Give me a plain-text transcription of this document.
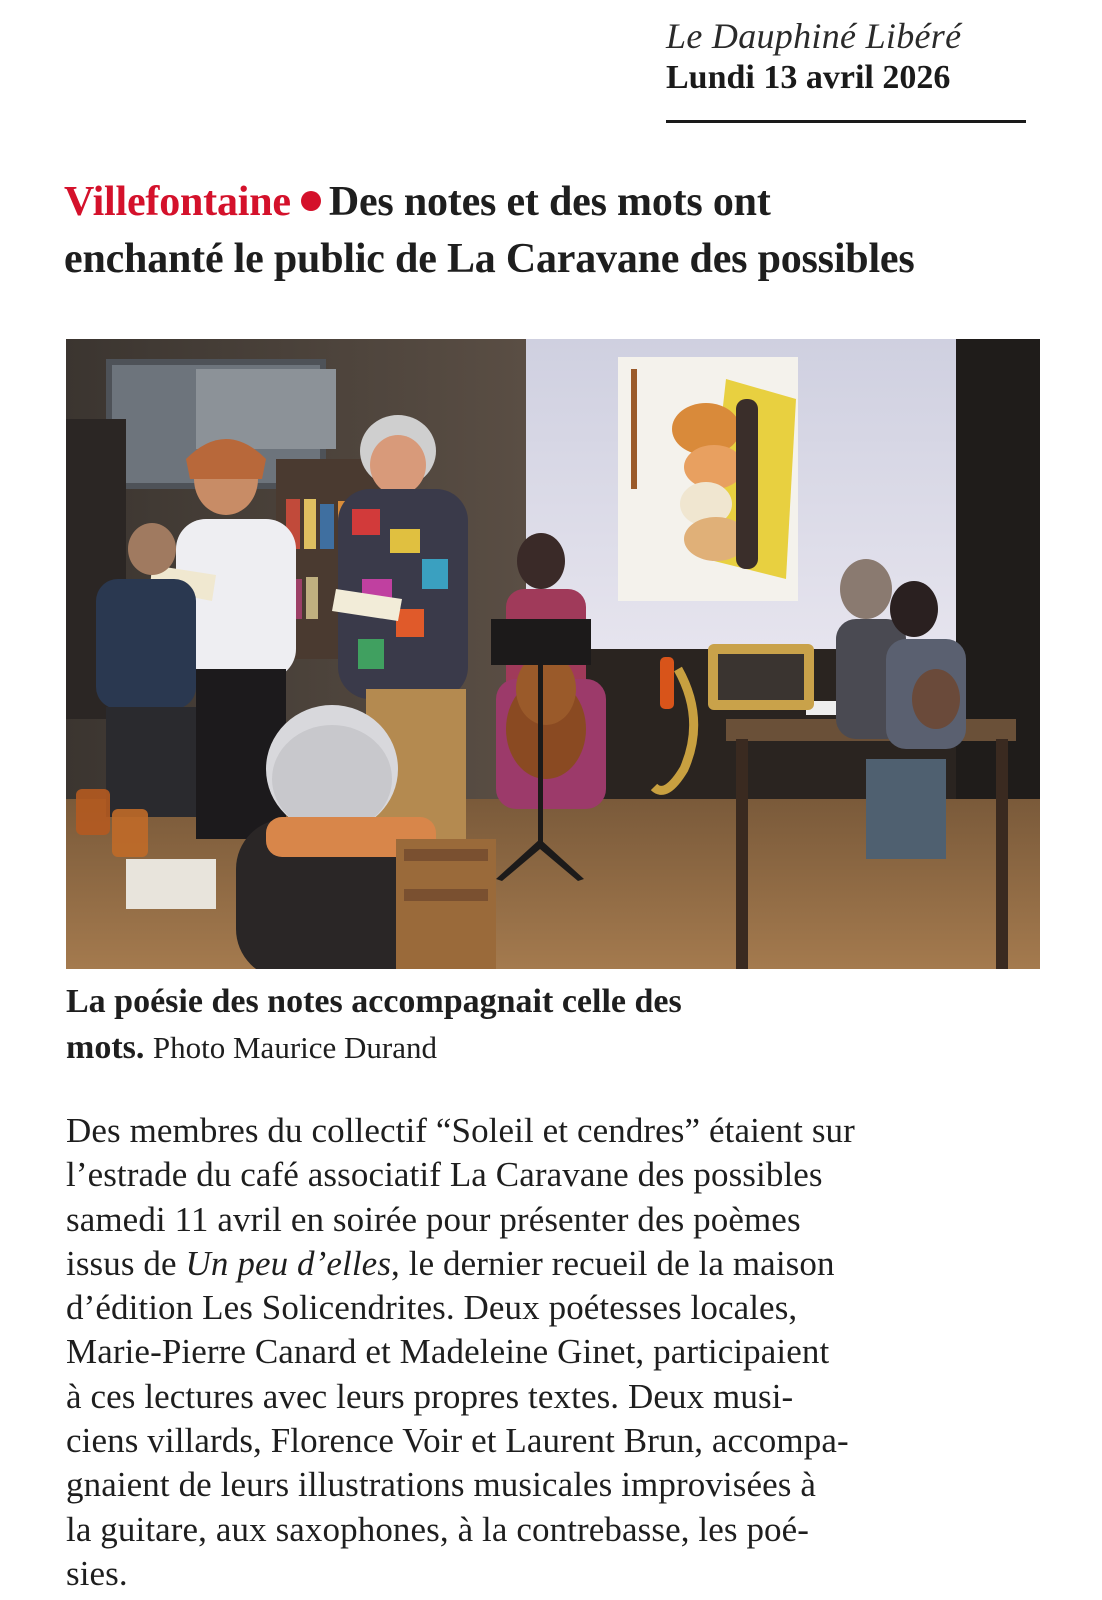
Le Dauphiné Libéré
Lundi 13 avril 2026
Villefontaine Des notes et des mots ont
enchanté le public de La Caravane des possibles
La poésie des notes accompagnait celle des
mots. Photo Maurice Durand
Des membres du collectif “Soleil et cendres” étaient sur
l’estrade du café associatif La Caravane des possibles
samedi 11 avril en soirée pour présenter des poèmes
issus de Un peu d’elles, le dernier recueil de la maison
d’édition Les Solicendrites. Deux poétesses locales,
Marie-Pierre Canard et Madeleine Ginet, participaient
à ces lectures avec leurs propres textes. Deux musi-
ciens villards, Florence Voir et Laurent Brun, accompa-
gnaient de leurs illustrations musicales improvisées à
la guitare, aux saxophones, à la contrebasse, les poé-
sies.
